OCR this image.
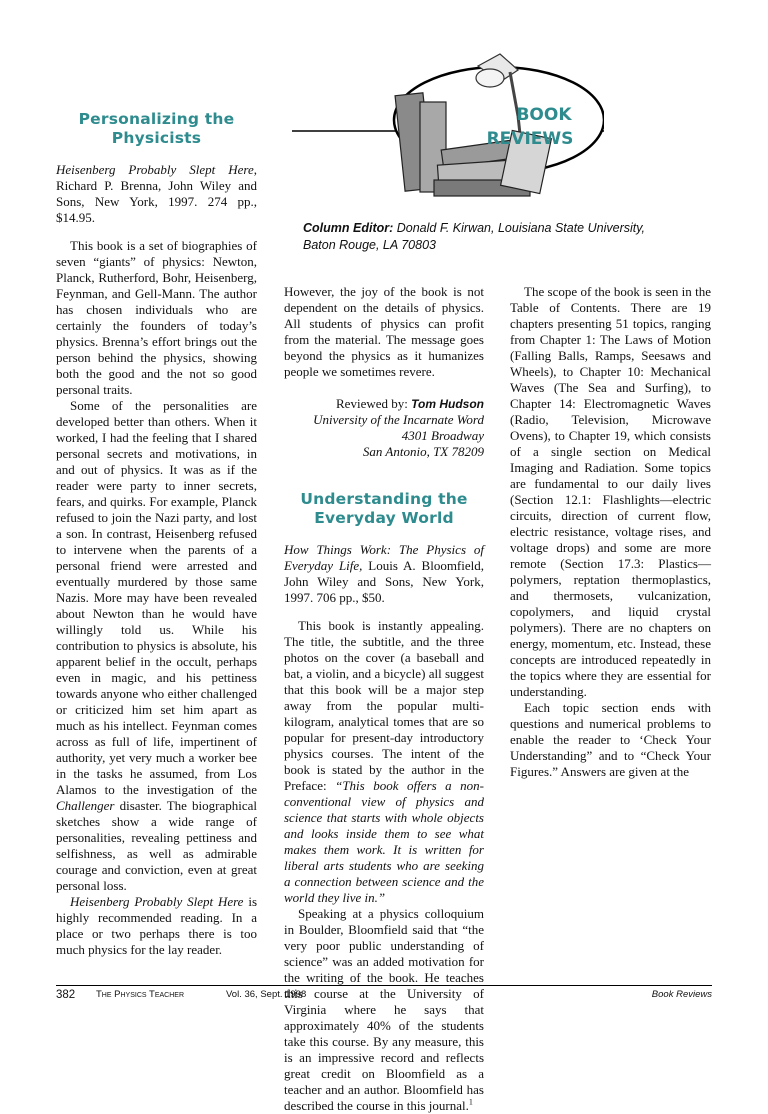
BOOK
REVIEWS
Column Editor: Donald F. Kirwan, Louisiana State University,
Baton Rouge, LA 70803
Personalizing the
Physicists

Heisenberg Probably Slept Here, Richard P. Brenna, John Wiley and Sons, New York, 1997. 274 pp., $14.95.

This book is a set of biographies of seven “giants” of physics: Newton, Planck, Rutherford, Bohr, Heisenberg, Feynman, and Gell-Mann. The author has chosen individuals who are certainly the founders of today’s physics. Brenna’s effort brings out the person behind the physics, showing both the good and the not so good personal traits.

Some of the personalities are developed better than others. When it worked, I had the feeling that I shared personal secrets and motivations, in and out of physics. It was as if the reader were party to inner secrets, fears, and quirks. For example, Planck refused to join the Nazi party, and lost a son. In contrast, Heisenberg refused to intervene when the parents of a personal friend were arrested and eventually murdered by those same Nazis. More may have been revealed about Newton than he would have willingly told us. While his contribution to physics is absolute, his apparent belief in the occult, perhaps even in magic, and his pettiness towards anyone who either challenged or criticized him set him apart as much as his intellect. Feynman comes across as full of life, impertinent of authority, yet very much a worker bee in the tasks he assumed, from Los Alamos to the investigation of the Challenger disaster. The biographical sketches show a wide range of personalities, revealing pettiness and selfishness, as well as admirable courage and conviction, even at great personal loss.

Heisenberg Probably Slept Here is highly recommended reading. In a place or two perhaps there is too much physics for the lay reader.

However, the joy of the book is not dependent on the details of physics. All students of physics can profit from the material. The message goes beyond the physics as it humanizes people we sometimes revere.

Reviewed by: Tom Hudson
University of the Incarnate Word
4301 Broadway
San Antonio, TX 78209
Understanding the
Everyday World

How Things Work: The Physics of Everyday Life, Louis A. Bloomfield, John Wiley and Sons, New York, 1997. 706 pp., $50.

This book is instantly appealing. The title, the subtitle, and the three photos on the cover (a baseball and bat, a violin, and a bicycle) all suggest that this book will be a major step away from the popular multi-kilogram, analytical tomes that are so popular for present-day introductory physics courses. The intent of the book is stated by the author in the Preface: “This book offers a non-conventional view of physics and science that starts with whole objects and looks inside them to see what makes them work. It is written for liberal arts students who are seeking a connection between science and the world they live in.”

Speaking at a physics colloquium in Boulder, Bloomfield said that “the very poor public understanding of science” was an added motivation for the writing of the book. He teaches this course at the University of Virginia where he says that approximately 40% of the students take this course. By any measure, this is an impressive record and reflects great credit on Bloomfield as a teacher and an author. Bloomfield has described the course in this journal.$^1$

The scope of the book is seen in the Table of Contents. There are 19 chapters presenting 51 topics, ranging from Chapter 1: The Laws of Motion (Falling Balls, Ramps, Seesaws and Wheels), to Chapter 10: Mechanical Waves (The Sea and Surfing), to Chapter 14: Electromagnetic Waves (Radio, Television, Microwave Ovens), to Chapter 19, which consists of a single section on Medical Imaging and Radiation. Some topics are fundamental to our daily lives (Section 12.1: Flashlights—electric circuits, direction of current flow, electric resistance, voltage rises, and voltage drops) and some are more remote (Section 17.3: Plastics—polymers, reptation thermoplastics, and thermosets, vulcanization, copolymers, and liquid crystal polymers). There are no chapters on energy, momentum, etc. Instead, these concepts are introduced repeatedly in the topics where they are essential for understanding.

Each topic section ends with questions and numerical problems to enable the reader to ‘Check Your Understanding” and to “Check Your Figures.” Answers are given at the

382 The Physics Teacher	Vol. 36, Sept. 1998	Book Reviews
